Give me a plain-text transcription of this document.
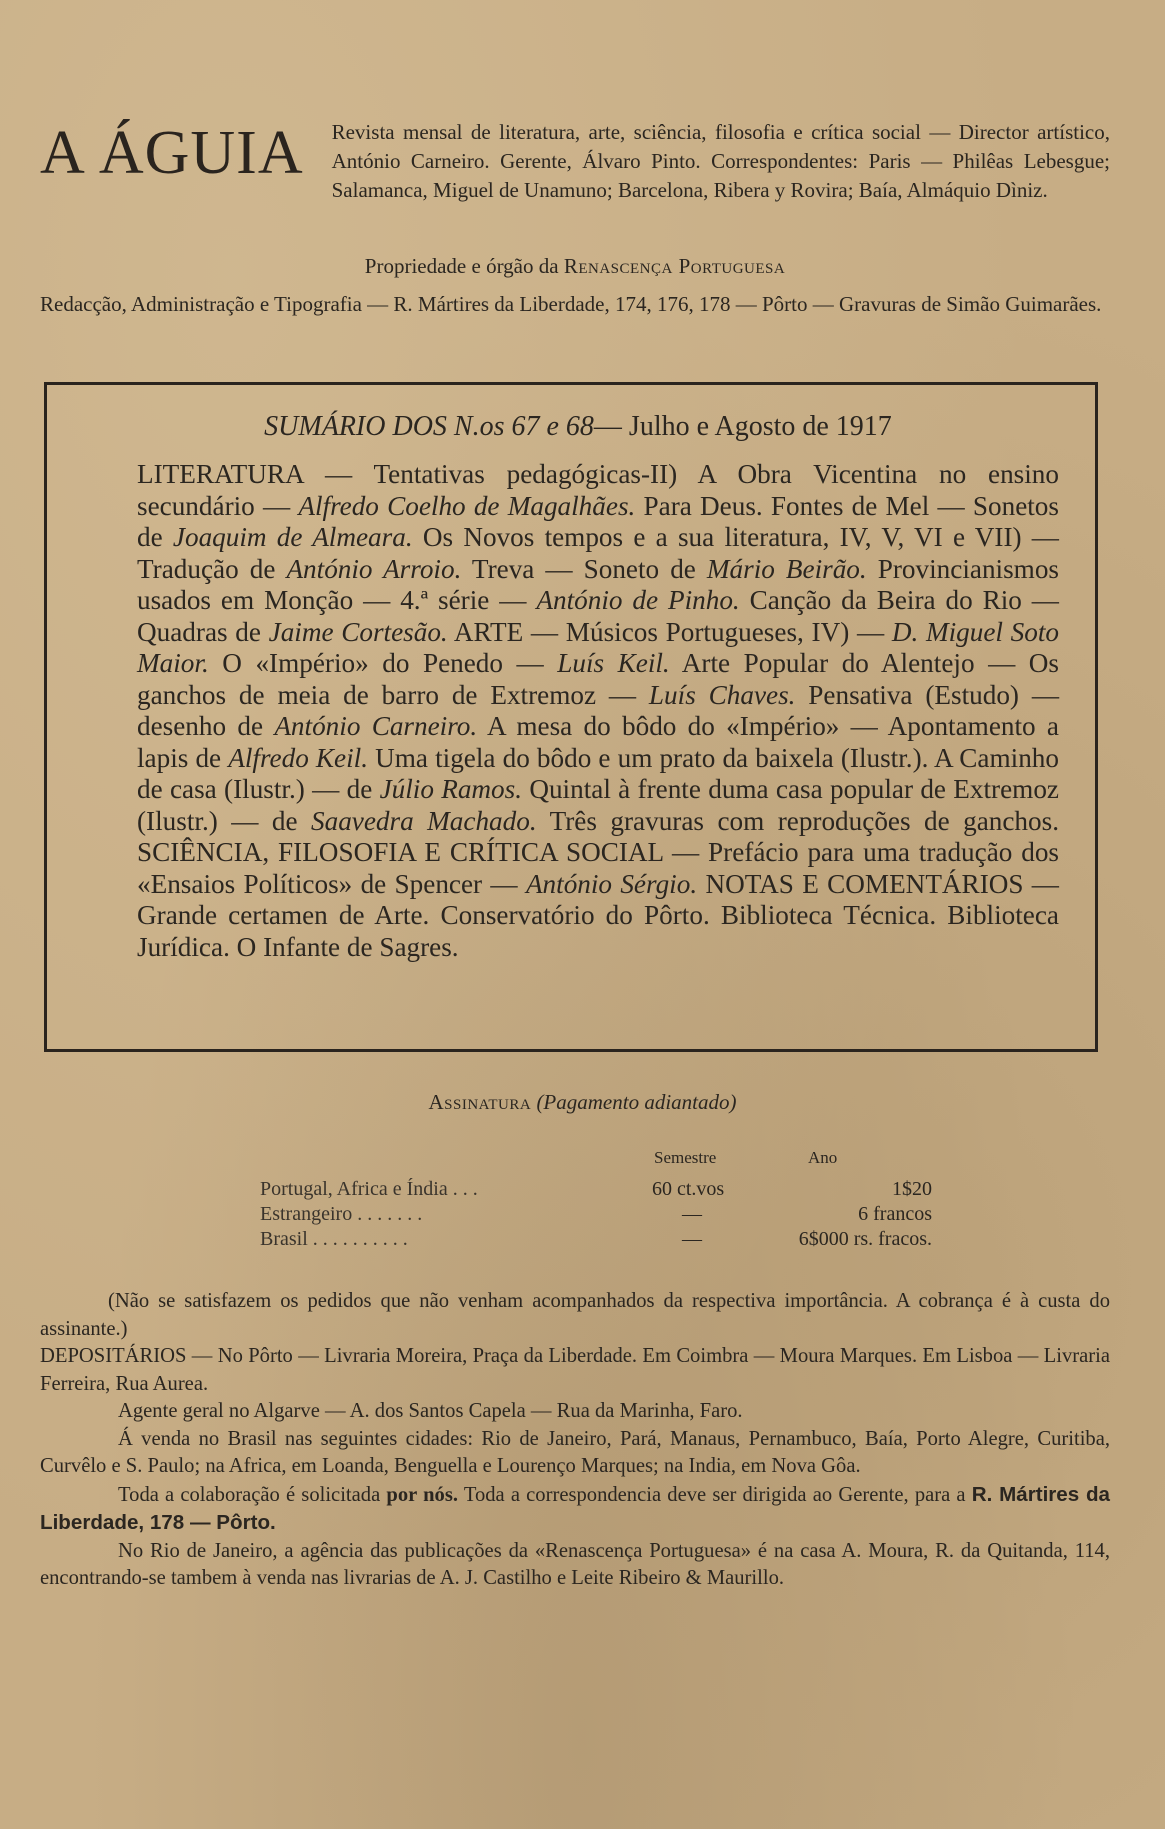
A ÁGUIA	Revista mensal de literatura, arte, sciência, filosofia e crítica social — Director artístico, António Carneiro. Gerente, Álvaro Pinto. Correspondentes: Paris — Philêas Lebesgue; Salamanca, Miguel de Unamuno; Barcelona, Ribera y Rovira; Baía, Almáquio Dìniz.
Propriedade e órgão da Renascença Portuguesa
Redacção, Administração e Tipografia — R. Mártires da Liberdade, 174, 176, 178 — Pôrto — Gravuras de Simão Guimarães.
SUMÁRIO DOS N.os 67 e 68— Julho e Agosto de 1917
LITERATURA — Tentativas pedagógicas-II) A Obra Vicentina no ensino secundário — Alfredo Coelho de Magalhães. Para Deus. Fontes de Mel — Sonetos de Joaquim de Almeara. Os Novos tempos e a sua literatura, IV, V, VI e VII) — Tradução de António Arroio. Treva — Soneto de Mário Beirão. Provincianismos usados em Monção — 4.ª série — António de Pinho. Canção da Beira do Rio — Quadras de Jaime Cortesão. ARTE — Músicos Portugueses, IV) — D. Miguel Soto Maior. O «Império» do Penedo — Luís Keil. Arte Popular do Alentejo — Os ganchos de meia de barro de Extremoz — Luís Chaves. Pensativa (Estudo) — desenho de António Carneiro. A mesa do bôdo do «Império» — Apontamento a lapis de Alfredo Keil. Uma tigela do bôdo e um prato da baixela (Ilustr.). A Caminho de casa (Ilustr.) — de Júlio Ramos. Quintal à frente duma casa popular de Extremoz (Ilustr.) — de Saavedra Machado. Três gravuras com reproduções de ganchos. SCIÊNCIA, FILOSOFIA E CRÍTICA SOCIAL — Prefácio para uma tradução dos «Ensaios Políticos» de Spencer — António Sérgio. NOTAS E COMENTÁRIOS — Grande certamen de Arte. Conservatório do Pôrto. Biblioteca Técnica. Biblioteca Jurídica. O Infante de Sagres.
Assinatura (Pagamento adiantado)
Semestre	Ano
Portugal, Africa e Índia . . .	60 ct.vos	1$20
Estrangeiro . . . . . . .	—	6 francos
Brasil . . . . . . . . . .	—	6$000 rs. fracos.

(Não se satisfazem os pedidos que não venham acompanhados da respectiva importância. A cobrança é à custa do assinante.)

DEPOSITÁRIOS — No Pôrto — Livraria Moreira, Praça da Liberdade. Em Coimbra — Moura Marques. Em Lisboa — Livraria Ferreira, Rua Aurea.

Agente geral no Algarve — A. dos Santos Capela — Rua da Marinha, Faro.

Á venda no Brasil nas seguintes cidades: Rio de Janeiro, Pará, Manaus, Pernambuco, Baía, Porto Alegre, Curitiba, Curvêlo e S. Paulo; na Africa, em Loanda, Benguella e Lourenço Marques; na India, em Nova Gôa.

Toda a colaboração é solicitada por nós. Toda a correspondencia deve ser dirigida ao Gerente, para a R. Mártires da Liberdade, 178 — Pôrto.

No Rio de Janeiro, a agência das publicações da «Renascença Portuguesa» é na casa A. Moura, R. da Quitanda, 114, encontrando-se tambem à venda nas livrarias de A. J. Castilho e Leite Ribeiro & Maurillo.
